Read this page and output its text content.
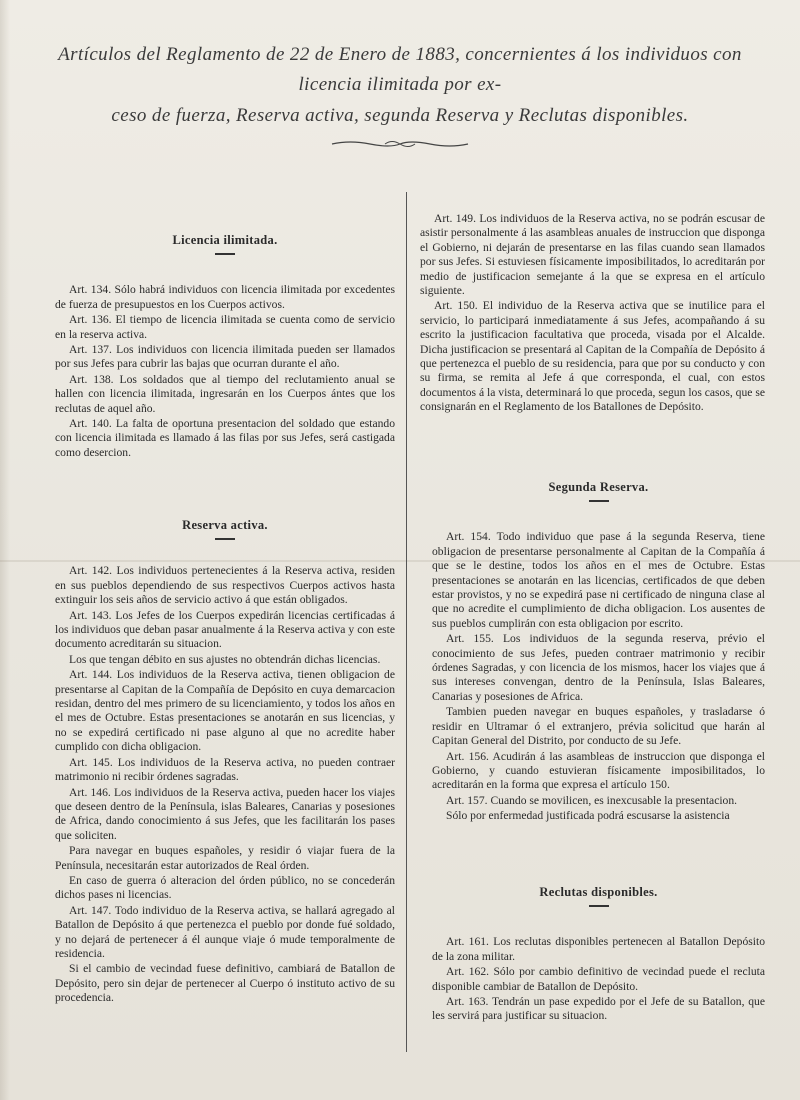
Artículos del Reglamento de 22 de Enero de 1883, concernientes á los individuos con licencia ilimitada por ex-
ceso de fuerza, Reserva activa, segunda Reserva y Reclutas disponibles.
Licencia ilimitada.

Art. 134. Sólo habrá individuos con licencia ilimitada por excedentes de fuerza de presupuestos en los Cuerpos activos.

Art. 136. El tiempo de licencia ilimitada se cuenta como de servicio en la reserva activa.

Art. 137. Los individuos con licencia ilimitada pueden ser llamados por sus Jefes para cubrir las bajas que ocurran durante el año.

Art. 138. Los soldados que al tiempo del reclutamiento anual se hallen con licencia ilimitada, ingresarán en los Cuerpos ántes que los reclutas de aquel año.

Art. 140. La falta de oportuna presentacion del soldado que estando con licencia ilimitada es llamado á las filas por sus Jefes, será castigada como desercion.

Reserva activa.

Art. 142. Los individuos pertenecientes á la Reserva activa, residen en sus pueblos dependiendo de sus respectivos Cuerpos activos hasta extinguir los seis años de servicio activo á que están obligados.

Art. 143. Los Jefes de los Cuerpos expedirán licencias certificadas á los individuos que deban pasar anualmente á la Reserva activa y con este documento acreditarán su situacion.

Los que tengan débito en sus ajustes no obtendrán dichas licencias.

Art. 144. Los individuos de la Reserva activa, tienen obligacion de presentarse al Capitan de la Compañía de Depósito en cuya demarcacion residan, dentro del mes primero de su licenciamiento, y todos los años en el mes de Octubre. Estas presentaciones se anotarán en sus licencias, y no se expedirá certificado ni pase alguno al que no acredite haber cumplido con dicha obligacion.

Art. 145. Los individuos de la Reserva activa, no pueden contraer matrimonio ni recibir órdenes sagradas.

Art. 146. Los individuos de la Reserva activa, pueden hacer los viajes que deseen dentro de la Península, islas Baleares, Canarias y posesiones de Africa, dando conocimiento á sus Jefes, que les facilitarán los pases que soliciten.

Para navegar en buques españoles, y residir ó viajar fuera de la Península, necesitarán estar autorizados de Real órden.

En caso de guerra ó alteracion del órden público, no se concederán dichos pases ni licencias.

Art. 147. Todo individuo de la Reserva activa, se hallará agregado al Batallon de Depósito á que pertenezca el pueblo por donde fué soldado, y no dejará de pertenecer á él aunque viaje ó mude temporalmente de residencia.

Si el cambio de vecindad fuese definitivo, cambiará de Batallon de Depósito, pero sin dejar de pertenecer al Cuerpo ó instituto activo de su procedencia.

Art. 149. Los individuos de la Reserva activa, no se podrán escusar de asistir personalmente á las asambleas anuales de instruccion que disponga el Gobierno, ni dejarán de presentarse en las filas cuando sean llamados por sus Jefes. Si estuviesen físicamente imposibilitados, lo acreditarán por medio de justificacion semejante á la que se expresa en el artículo siguiente.

Art. 150. El individuo de la Reserva activa que se inutilice para el servicio, lo participará inmediatamente á sus Jefes, acompañando á su escrito la justificacion facultativa que proceda, visada por el Alcalde. Dicha justificacion se presentará al Capitan de la Compañía de Depósito á que pertenezca el pueblo de su residencia, para que por su conducto y con su firma, se remita al Jefe á que corresponda, el cual, con estos documentos á la vista, determinará lo que proceda, segun los casos, que se consignarán en el Reglamento de los Batallones de Depósito.

Segunda Reserva.

Art. 154. Todo individuo que pase á la segunda Reserva, tiene obligacion de presentarse personalmente al Capitan de la Compañía á que se le destine, todos los años en el mes de Octubre. Estas presentaciones se anotarán en las licencias, certificados de que deben estar provistos, y no se expedirá pase ni certificado de ninguna clase al que no acredite el cumplimiento de dicha obligacion. Los ausentes de sus pueblos cumplirán con esta obligacion por escrito.

Art. 155. Los individuos de la segunda reserva, prévio el conocimiento de sus Jefes, pueden contraer matrimonio y recibir órdenes Sagradas, y con licencia de los mismos, hacer los viajes que á sus intereses convengan, dentro de la Península, Islas Baleares, Canarias y posesiones de Africa.

Tambien pueden navegar en buques españoles, y trasladarse ó residir en Ultramar ó el extranjero, prévia solicitud que harán al Capitan General del Distrito, por conducto de su Jefe.

Art. 156. Acudirán á las asambleas de instruccion que disponga el Gobierno, y cuando estuvieran físicamente imposibilitados, lo acreditarán en la forma que expresa el artículo 150.

Art. 157. Cuando se movilicen, es inexcusable la presentacion.

Sólo por enfermedad justificada podrá escusarse la asistencia

Reclutas disponibles.

Art. 161. Los reclutas disponibles pertenecen al Batallon Depósito de la zona militar.

Art. 162. Sólo por cambio definitivo de vecindad puede el recluta disponible cambiar de Batallon de Depósito.

Art. 163. Tendrán un pase expedido por el Jefe de su Batallon, que les servirá para justificar su situacion.
